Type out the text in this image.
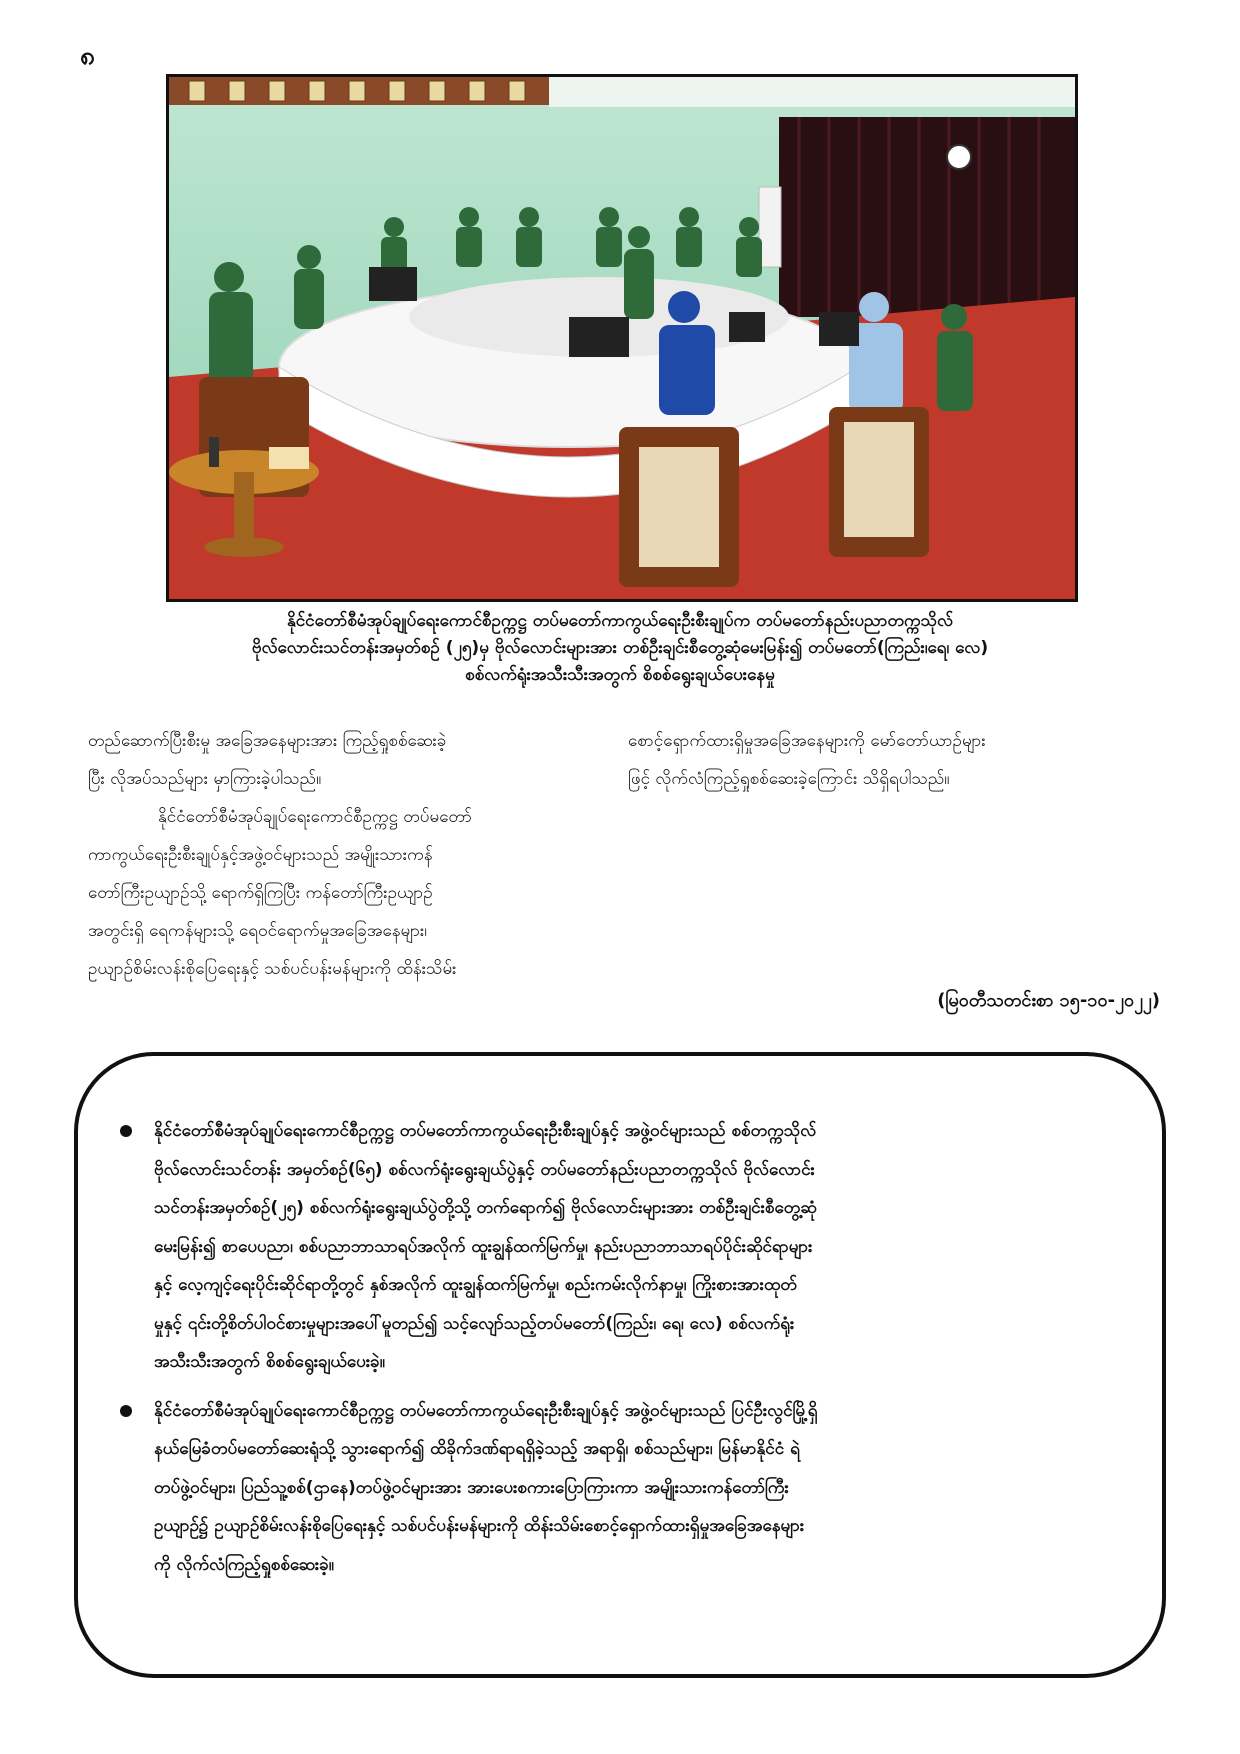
၈
နိုင်ငံတော်စီမံအုပ်ချုပ်ရေးကောင်စီဥက္ကဋ္ဌ တပ်မတော်ကာကွယ်ရေးဦးစီးချုပ်က တပ်မတော်နည်းပညာတက္ကသိုလ်
ဗိုလ်လောင်းသင်တန်းအမှတ်စဉ် (၂၅)မှ ဗိုလ်လောင်းများအား တစ်ဦးချင်းစီတွေ့ဆုံမေးမြန်း၍ တပ်မတော်(ကြည်း၊ရေ၊ လေ)
စစ်လက်ရုံးအသီးသီးအတွက် စိစစ်ရွေးချယ်ပေးနေမှု

တည်ဆောက်ပြီးစီးမှု အခြေအနေများအား ကြည့်ရှုစစ်ဆေးခဲ့

ပြီး လိုအပ်သည်များ မှာကြားခဲ့ပါသည်။

နိုင်ငံတော်စီမံအုပ်ချုပ်ရေးကောင်စီဥက္ကဋ္ဌ တပ်မတော်

ကာကွယ်ရေးဦးစီးချုပ်နှင့်အဖွဲ့ဝင်များသည် အမျိုးသားကန်

တော်ကြီးဥယျာဉ်သို့ ရောက်ရှိကြပြီး ကန်တော်ကြီးဥယျာဉ်

အတွင်းရှိ ရေကန်များသို့ ရေဝင်ရောက်မှုအခြေအနေများ၊

ဥယျာဉ်စိမ်းလန်းစိုပြေရေးနှင့် သစ်ပင်ပန်းမန်များကို ထိန်းသိမ်း

စောင့်ရှောက်ထားရှိမှုအခြေအနေများကို မော်တော်ယာဉ်များ

ဖြင့် လိုက်လံကြည့်ရှုစစ်ဆေးခဲ့ကြောင်း သိရှိရပါသည်။

(မြဝတီသတင်းစာ ၁၅-၁၀-၂၀၂၂)
နိုင်ငံတော်စီမံအုပ်ချုပ်ရေးကောင်စီဥက္ကဋ္ဌ တပ်မတော်ကာကွယ်ရေးဦးစီးချုပ်နှင့် အဖွဲ့ဝင်များသည် စစ်တက္ကသိုလ်
ဗိုလ်လောင်းသင်တန်း အမှတ်စဉ်(၆၅) စစ်လက်ရုံးရွေးချယ်ပွဲနှင့် တပ်မတော်နည်းပညာတက္ကသိုလ် ဗိုလ်လောင်း
သင်တန်းအမှတ်စဉ်(၂၅) စစ်လက်ရုံးရွေးချယ်ပွဲတို့သို့ တက်ရောက်၍ ဗိုလ်လောင်းများအား တစ်ဦးချင်းစီတွေ့ဆုံ
မေးမြန်း၍ စာပေပညာ၊ စစ်ပညာဘာသာရပ်အလိုက် ထူးချွန်ထက်မြက်မှု၊ နည်းပညာဘာသာရပ်ပိုင်းဆိုင်ရာများ
နှင့် လေ့ကျင့်ရေးပိုင်းဆိုင်ရာတို့တွင် နှစ်အလိုက် ထူးချွန်ထက်မြက်မှု၊ စည်းကမ်းလိုက်နာမှု၊ ကြိုးစားအားထုတ်
မှုနှင့် ၎င်းတို့စိတ်ပါဝင်စားမှုများအပေါ်မူတည်၍ သင့်လျော်သည့်တပ်မတော်(ကြည်း၊ ရေ၊ လေ) စစ်လက်ရုံး
အသီးသီးအတွက် စိစစ်ရွေးချယ်ပေးခဲ့။
နိုင်ငံတော်စီမံအုပ်ချုပ်ရေးကောင်စီဥက္ကဋ္ဌ တပ်မတော်ကာကွယ်ရေးဦးစီးချုပ်နှင့် အဖွဲ့ဝင်များသည် ပြင်ဦးလွင်မြို့ရှိ
နယ်မြေခံတပ်မတော်ဆေးရုံသို့ သွားရောက်၍ ထိခိုက်ဒဏ်ရာရရှိခဲ့သည့် အရာရှိ၊ စစ်သည်များ၊ မြန်မာနိုင်ငံ ရဲ
တပ်ဖွဲ့ဝင်များ၊ ပြည်သူ့စစ်(ဌာနေ)တပ်ဖွဲ့ဝင်များအား အားပေးစကားပြောကြားကာ အမျိုးသားကန်တော်ကြီး
ဥယျာဉ်၌ ဥယျာဉ်စိမ်းလန်းစိုပြေရေးနှင့် သစ်ပင်ပန်းမန်များကို ထိန်းသိမ်းစောင့်ရှောက်ထားရှိမှုအခြေအနေများ
ကို လိုက်လံကြည့်ရှုစစ်ဆေးခဲ့။
